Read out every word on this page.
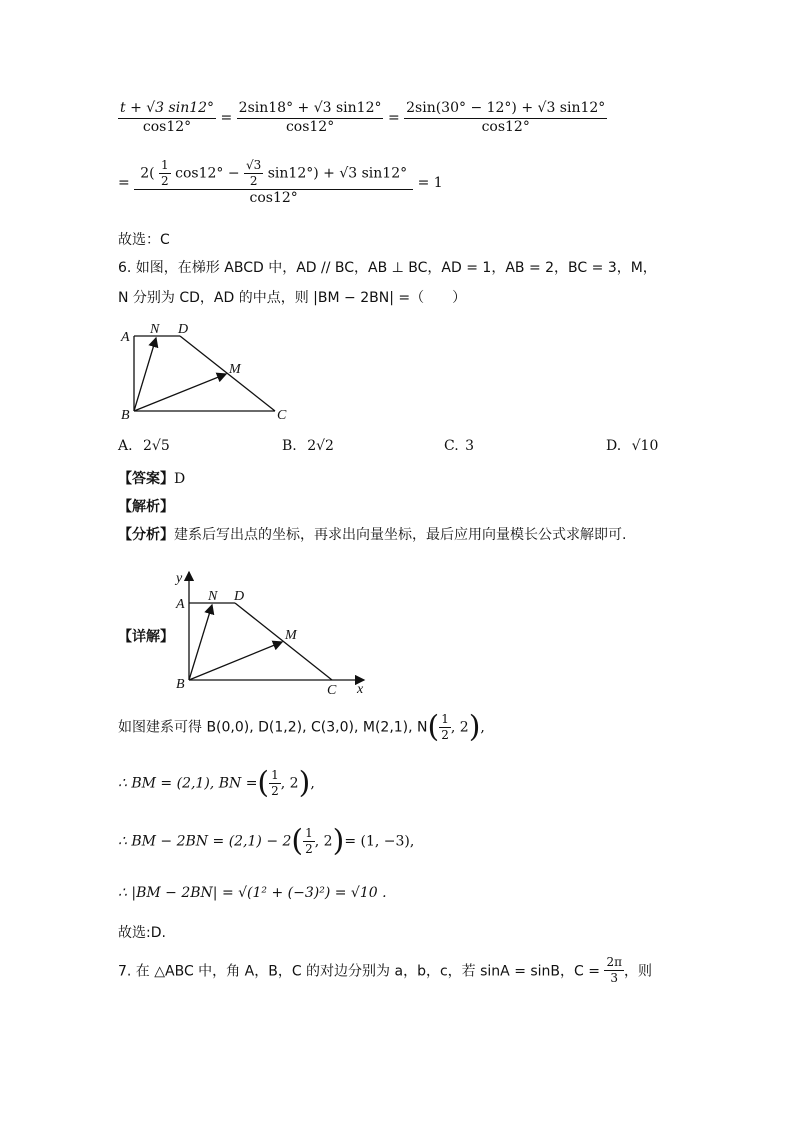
$\frac{t + √3 \sin 12^\circ}{\cos 12^\circ} = \frac{2\sin 18^\circ + √3 \sin 12^\circ}{\cos 12^\circ} = \frac{2\sin(30^\circ - 12^\circ) + √3 \sin 12^\circ}{\cos 12^\circ}$
=
$2( \frac{1}{2} \cos 12^\circ - \frac{√3}{2} \sin 12^\circ) + √3$ sin12°
cos12°
= 1
故选：C
6. 如图，在梯形 ABCD 中，AD // BC，AB ⊥ BC，AD = 1，AB = 2，BC = 3，M，
N 分别为 CD，AD 的中点，则 |BM − 2BN| =（　　）
A
N D
M
B	C
A. 2√5	B. 2√2	C. 3	D. √10
【答案】D
【解析】
【分析】建系后写出点的坐标，再求出向量坐标，最后应用向量模长公式求解即可.
【详解】
y
A
N D
M
B	C x
如图建系可得 B(0,0), D(1,2), C(3,0), M(2,1), $N( \frac{1}{2}$ , 2),
∴ BM = (2,1), BN =( $\frac{1}{2}$ , 2),
∴ BM − $2BN = (2,1) - 2( \frac{1}{2}$ , 2)= (1, −3),
∴ |BM − 2BN| = √(1² + (−3)²) = √10 .
故选:D.
7. 在 △ABC 中，角 A，B，C 的对边分别为 a，b，c，若 sinA = sinB，$C = \frac{2\pi}{3}$ ，则
